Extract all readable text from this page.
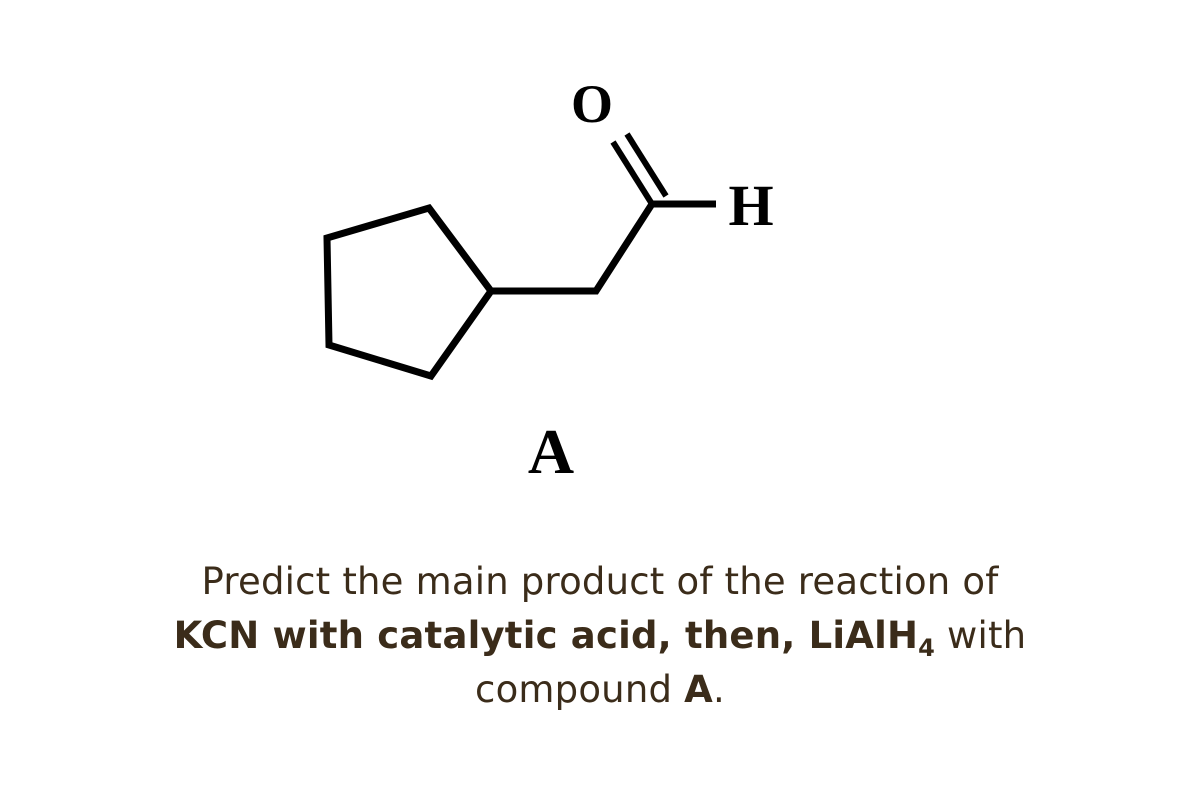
O
H
A
Predict the main product of the reaction of
KCN with catalytic acid, then, LiAlH$_4$ with
compound A.
